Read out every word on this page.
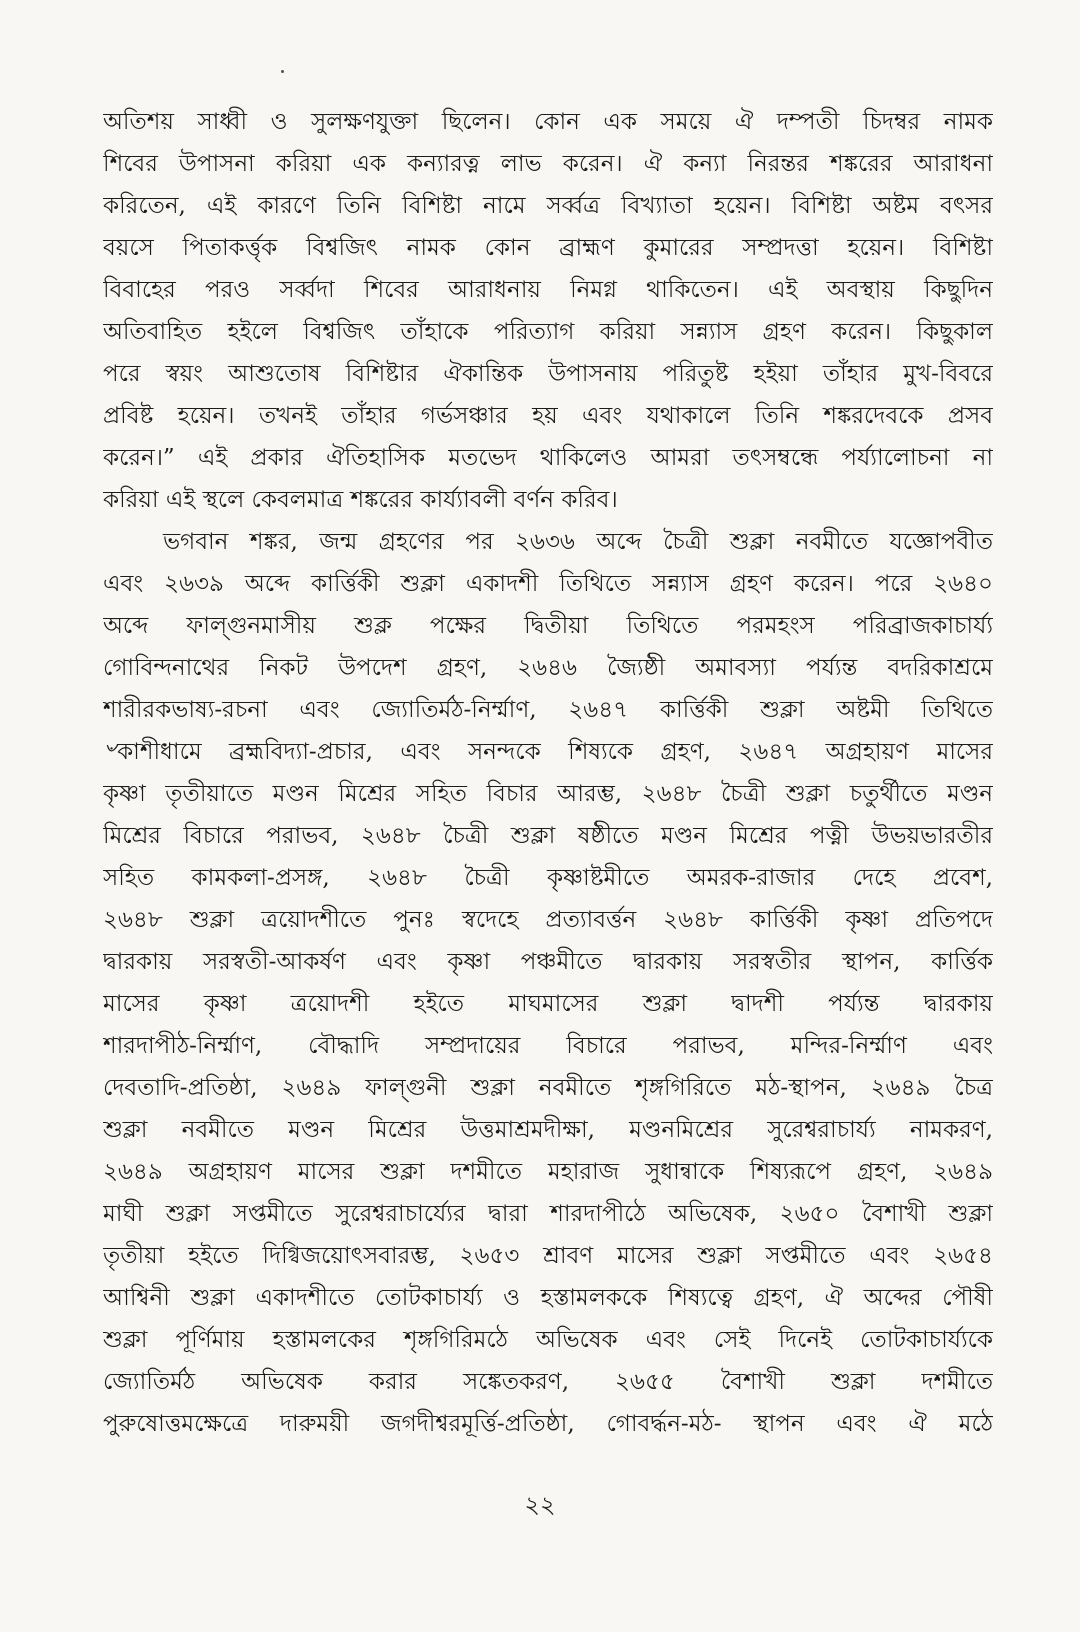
অতিশয় সাধ্বী ও সুলক্ষণযুক্তা ছিলেন। কোন এক সময়ে ঐ দম্পতী চিদম্বর নামক
শিবের উপাসনা করিয়া এক কন্যারত্ন লাভ করেন। ঐ কন্যা নিরন্তর শঙ্করের আরাধনা
করিতেন, এই কারণে তিনি বিশিষ্টা নামে সর্ব্বত্র বিখ্যাতা হয়েন। বিশিষ্টা অষ্টম বৎসর
বয়সে পিতাকর্ত্তৃক বিশ্বজিৎ নামক কোন ব্রাহ্মণ কুমারের সম্প্রদত্তা হয়েন। বিশিষ্টা
বিবাহের পরও সর্ব্বদা শিবের আরাধনায় নিমগ্ন থাকিতেন। এই অবস্থায় কিছুদিন
অতিবাহিত হইলে বিশ্বজিৎ তাঁহাকে পরিত্যাগ করিয়া সন্ন্যাস গ্রহণ করেন। কিছুকাল
পরে স্বয়ং আশুতোষ বিশিষ্টার ঐকান্তিক উপাসনায় পরিতুষ্ট হইয়া তাঁহার মুখ-বিবরে
প্রবিষ্ট হয়েন। তখনই তাঁহার গর্ভসঞ্চার হয় এবং যথাকালে তিনি শঙ্করদেবকে প্রসব
করেন।” এই প্রকার ঐতিহাসিক মতভেদ থাকিলেও আমরা তৎসম্বন্ধে পর্য্যালোচনা না
করিয়া এই স্থলে কেবলমাত্র শঙ্করের কার্য্যাবলী বর্ণন করিব।
ভগবান শঙ্কর, জন্ম গ্রহণের পর ২৬৩৬ অব্দে চৈত্রী শুক্লা নবমীতে যজ্ঞোপবীত
এবং ২৬৩৯ অব্দে কার্ত্তিকী শুক্লা একাদশী তিথিতে সন্ন্যাস গ্রহণ করেন। পরে ২৬৪০
অব্দে ফাল্গুনমাসীয় শুক্ল পক্ষের দ্বিতীয়া তিথিতে পরমহংস পরিব্রাজকাচার্য্য
গোবিন্দনাথের নিকট উপদেশ গ্রহণ, ২৬৪৬ জ্যৈষ্ঠী অমাবস্যা পর্য্যন্ত বদরিকাশ্রমে
শারীরকভাষ্য-রচনা এবং জ্যোতির্মঠ-নির্ম্মাণ, ২৬৪৭ কার্ত্তিকী শুক্লা অষ্টমী তিথিতে
৺কাশীধামে ব্রহ্মবিদ্যা-প্রচার, এবং সনন্দকে শিষ্যকে গ্রহণ, ২৬৪৭ অগ্রহায়ণ মাসের
কৃষ্ণা তৃতীয়াতে মণ্ডন মিশ্রের সহিত বিচার আরম্ভ, ২৬৪৮ চৈত্রী শুক্লা চতুর্থীতে মণ্ডন
মিশ্রের বিচারে পরাভব, ২৬৪৮ চৈত্রী শুক্লা ষষ্ঠীতে মণ্ডন মিশ্রের পত্নী উভয়ভারতীর
সহিত কামকলা-প্রসঙ্গ, ২৬৪৮ চৈত্রী কৃষ্ণাষ্টমীতে অমরক-রাজার দেহে প্রবেশ,
২৬৪৮ শুক্লা ত্রয়োদশীতে পুনঃ স্বদেহে প্রত্যাবর্ত্তন ২৬৪৮ কার্ত্তিকী কৃষ্ণা প্রতিপদে
দ্বারকায় সরস্বতী-আকর্ষণ এবং কৃষ্ণা পঞ্চমীতে দ্বারকায় সরস্বতীর স্থাপন, কার্ত্তিক
মাসের কৃষ্ণা ত্রয়োদশী হইতে মাঘমাসের শুক্লা দ্বাদশী পর্য্যন্ত দ্বারকায়
শারদাপীঠ-নির্ম্মাণ, বৌদ্ধাদি সম্প্রদায়ের বিচারে পরাভব, মন্দির-নির্ম্মাণ এবং
দেবতাদি-প্রতিষ্ঠা, ২৬৪৯ ফাল্গুনী শুক্লা নবমীতে শৃঙ্গগিরিতে মঠ-স্থাপন, ২৬৪৯ চৈত্র
শুক্লা নবমীতে মণ্ডন মিশ্রের উত্তমাশ্রমদীক্ষা, মণ্ডনমিশ্রের সুরেশ্বরাচার্য্য নামকরণ,
২৬৪৯ অগ্রহায়ণ মাসের শুক্লা দশমীতে মহারাজ সুধান্বাকে শিষ্যরূপে গ্রহণ, ২৬৪৯
মাঘী শুক্লা সপ্তমীতে সুরেশ্বরাচার্য্যের দ্বারা শারদাপীঠে অভিষেক, ২৬৫০ বৈশাখী শুক্লা
তৃতীয়া হইতে দিগ্বিজয়োৎসবারম্ভ, ২৬৫৩ শ্রাবণ মাসের শুক্লা সপ্তমীতে এবং ২৬৫৪
আশ্বিনী শুক্লা একাদশীতে তোটকাচার্য্য ও হস্তামলককে শিষ্যত্বে গ্রহণ, ঐ অব্দের পৌষী
শুক্লা পূর্ণিমায় হস্তামলকের শৃঙ্গগিরিমঠে অভিষেক এবং সেই দিনেই তোটকাচার্য্যকে
জ্যোতির্মঠ অভিষেক করার সঙ্কেতকরণ, ২৬৫৫ বৈশাখী শুক্লা দশমীতে
পুরুষোত্তমক্ষেত্রে দারুময়ী জগদীশ্বরমূর্ত্তি-প্রতিষ্ঠা, গোবর্দ্ধন-মঠ- স্থাপন এবং ঐ মঠে
২২
